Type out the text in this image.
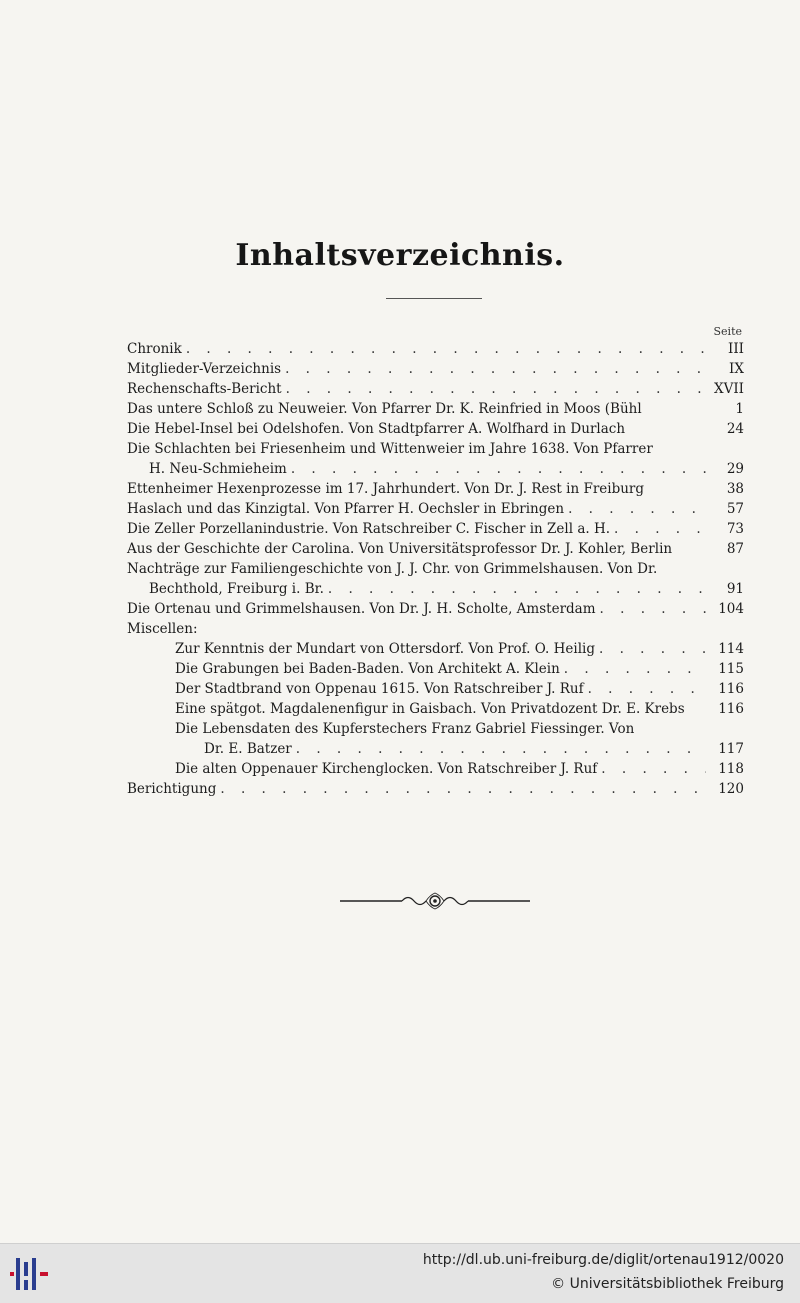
Inhaltsverzeichnis.
Seite
Chronik . . .	III
Mitglieder-Verzeichnis . . .	IX
Rechenschafts-Bericht . . .	XVII
Das untere Schloß zu Neuweier. Von Pfarrer Dr. K. Reinfried in Moos (Bühl	1
Die Hebel-Insel bei Odelshofen. Von Stadtpfarrer A. Wolfhard in Durlach	24
Die Schlachten bei Friesenheim und Wittenweier im Jahre 1638. Von Pfarrer
H. Neu-Schmieheim . . .	29
Ettenheimer Hexenprozesse im 17. Jahrhundert. Von Dr. J. Rest in Freiburg	38
Haslach und das Kinzigtal. Von Pfarrer H. Oechsler in Ebringen . . .	57
Die Zeller Porzellanindustrie. Von Ratschreiber C. Fischer in Zell a. H. . . .	73
Aus der Geschichte der Carolina. Von Universitätsprofessor Dr. J. Kohler, Berlin	87
Nachträge zur Familiengeschichte von J. J. Chr. von Grimmelshausen. Von Dr.
Bechthold, Freiburg i. Br. . . .	91
Die Ortenau und Grimmelshausen. Von Dr. J. H. Scholte, Amsterdam . . .	104
Miscellen:
Zur Kenntnis der Mundart von Ottersdorf. Von Prof. O. Heilig . . .	114
Die Grabungen bei Baden-Baden. Von Architekt A. Klein . . .	115
Der Stadtbrand von Oppenau 1615. Von Ratschreiber J. Ruf . . .	116
Eine spätgot. Magdalenenfigur in Gaisbach. Von Privatdozent Dr. E. Krebs	116
Die Lebensdaten des Kupferstechers Franz Gabriel Fiessinger. Von
Dr. E. Batzer . . .	117
Die alten Oppenauer Kirchenglocken. Von Ratschreiber J. Ruf . . .	118
Berichtigung . . .	120
http://dl.ub.uni-freiburg.de/diglit/ortenau1912/0020
© Universitätsbibliothek Freiburg
